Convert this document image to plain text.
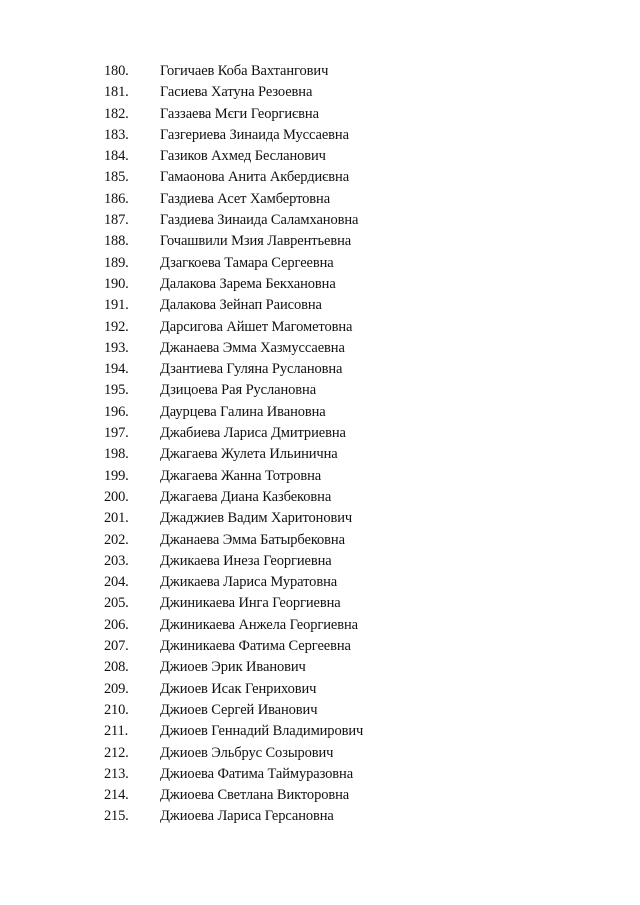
180. Гогичаев Коба Вахтангович
181. Гасиева Хатуна Резоевна
182. Газзаева Мєги Георгиєвна
183. Газгериева Зинаида Муссаевна
184. Газиков Ахмед Бесланович
185. Гамаонова Анита Акбердиєвна
186. Газдиева Асет Хамбертовна
187. Газдиева Зинаида Саламхановна
188. Гочашвили Мзия Лаврентьевна
189. Дзагкоева Тамара Сергеевна
190. Далакова Зарема Бекхановна
191. Далакова Зейнап Раисовна
192. Дарсигова Айшет Магометовна
193. Джанаева Эмма Хазмуссаевна
194. Дзантиева Гуляна Руслановна
195. Дзицоева Рая Руслановна
196. Даурцева Галина Ивановна
197. Джабиева Лариса Дмитриевна
198. Джагаева Жулета Ильинична
199. Джагаева Жанна Тотровна
200. Джагаева Диана Казбековна
201. Джаджиев Вадим Харитонович
202. Джанаева Эмма Батырбековна
203. Джикаева Инеза Георгиевна
204. Джикаева Лариса Муратовна
205. Джиникаева Инга Георгиевна
206. Джиникаева Анжела Георгиевна
207. Джиникаева Фатима Сергеевна
208. Джиоев Эрик Иванович
209. Джиоев Исак Генрихович
210. Джиоев Сергей Иванович
211. Джиоев Геннадий Владимирович
212. Джиоев Эльбрус Созырович
213. Джиоева Фатима Таймуразовна
214. Джиоева Светлана Викторовна
215. Джиоева Лариса Герсановна
